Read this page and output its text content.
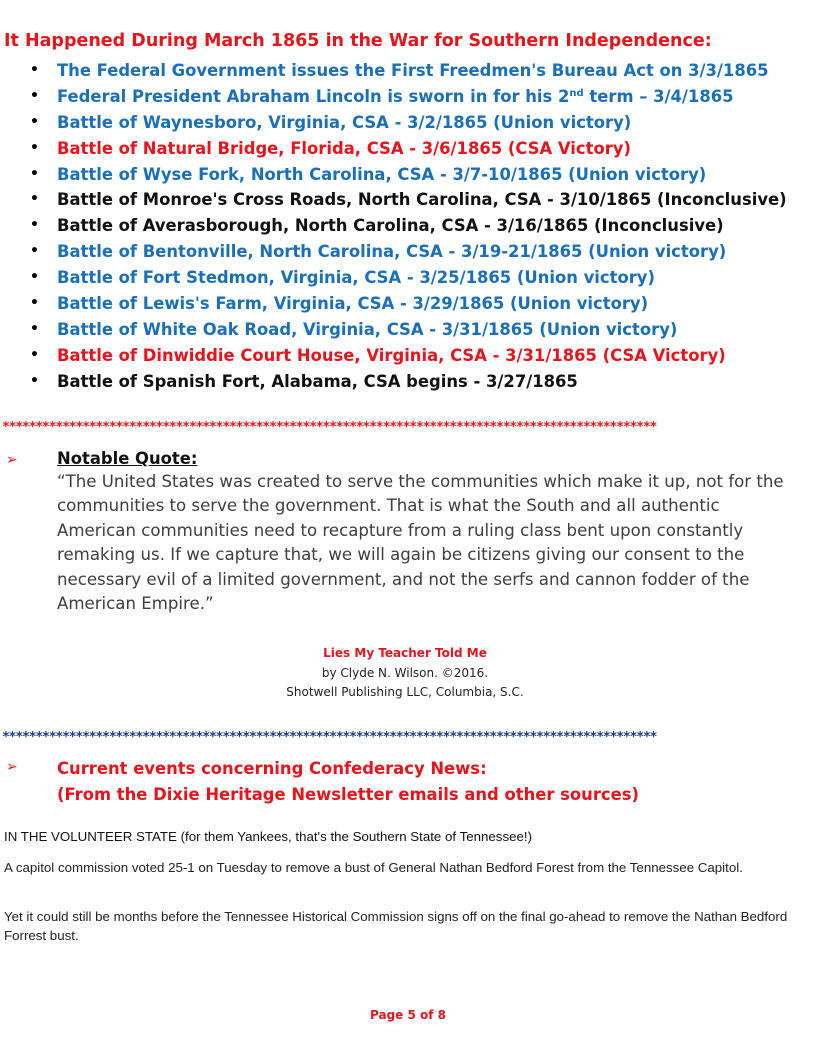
It Happened During March 1865 in the War for Southern Independence:
• The Federal Government issues the First Freedmen's Bureau Act on 3/3/1865
• Federal President Abraham Lincoln is sworn in for his 2nd term – 3/4/1865
• Battle of Waynesboro, Virginia, CSA - 3/2/1865 (Union victory)
• Battle of Natural Bridge, Florida, CSA - 3/6/1865 (CSA Victory)
• Battle of Wyse Fork, North Carolina, CSA - 3/7-10/1865 (Union victory)
• Battle of Monroe's Cross Roads, North Carolina, CSA - 3/10/1865 (Inconclusive)
• Battle of Averasborough, North Carolina, CSA - 3/16/1865 (Inconclusive)
• Battle of Bentonville, North Carolina, CSA - 3/19-21/1865 (Union victory)
• Battle of Fort Stedmon, Virginia, CSA - 3/25/1865 (Union victory)
• Battle of Lewis's Farm, Virginia, CSA - 3/29/1865 (Union victory)
• Battle of White Oak Road, Virginia, CSA - 3/31/1865 (Union victory)
• Battle of Dinwiddie Court House, Virginia, CSA - 3/31/1865 (CSA Victory)
• Battle of Spanish Fort, Alabama, CSA begins - 3/27/1865
**************************************************************************************************
➢ Notable Quote:

“The United States was created to serve the communities which make it up, not for the communities to serve the government. That is what the South and all authentic American communities need to recapture from a ruling class bent upon constantly remaking us. If we capture that, we will again be citizens giving our consent to the necessary evil of a limited government, and not the serfs and cannon fodder of the American Empire.”

Lies My Teacher Told Me
by Clyde N. Wilson. ©2016.
Shotwell Publishing LLC, Columbia, S.C.
**************************************************************************************************
➢ Current events concerning Confederacy News:
(From the Dixie Heritage Newsletter emails and other sources)
IN THE VOLUNTEER STATE (for them Yankees, that's the Southern State of Tennessee!)

A capitol commission voted 25-1 on Tuesday to remove a bust of General Nathan Bedford Forest from the Tennessee Capitol.

Yet it could still be months before the Tennessee Historical Commission signs off on the final go-ahead to remove the Nathan Bedford Forrest bust.

Page 5 of 8
